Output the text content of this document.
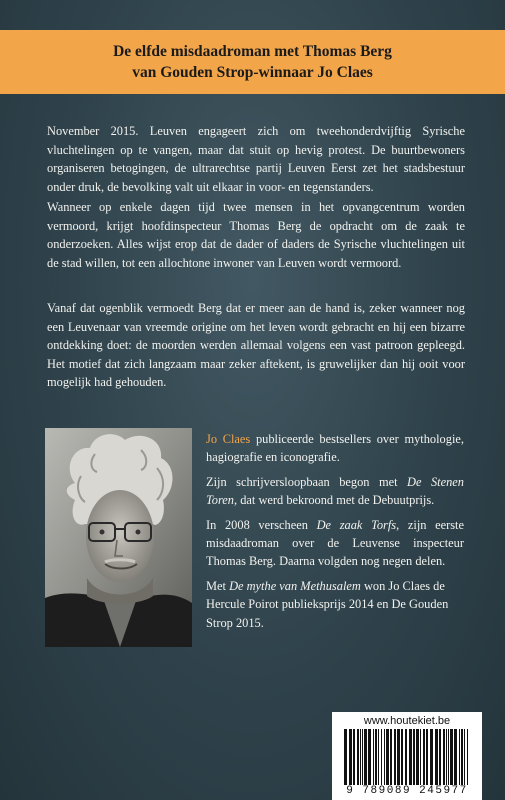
De elfde misdaadroman met Thomas Berg
van Gouden Strop-winnaar Jo Claes

November 2015. Leuven engageert zich om tweehonderdvijftig Syrische vluchtelingen op te vangen, maar dat stuit op hevig protest. De buurtbewoners organiseren betogingen, de ultrarechtse partij Leuven Eerst zet het stadsbestuur onder druk, de bevolking valt uit elkaar in voor- en tegenstanders.

Wanneer op enkele dagen tijd twee mensen in het opvangcentrum worden vermoord, krijgt hoofdinspecteur Thomas Berg de opdracht om de zaak te onderzoeken. Alles wijst erop dat de dader of daders de Syrische vluchtelingen uit de stad willen, tot een allochtone inwoner van Leuven wordt vermoord.

Vanaf dat ogenblik vermoedt Berg dat er meer aan de hand is, zeker wanneer nog een Leuvenaar van vreemde origine om het leven wordt gebracht en hij een bizarre ontdekking doet: de moorden werden allemaal volgens een vast patroon gepleegd. Het motief dat zich langzaam maar zeker aftekent, is gruwelijker dan hij ooit voor mogelijk had gehouden.

Jo Claes publiceerde bestsellers over mythologie, hagiografie en iconografie.

Zijn schrijversloopbaan begon met De Stenen Toren, dat werd bekroond met de Debuutprijs.

In 2008 verscheen De zaak Torfs, zijn eerste misdaadroman over de Leuvense inspecteur Thomas Berg. Daarna volgden nog negen delen.

Met De mythe van Methusalem won Jo Claes de Hercule Poirot publieksprijs 2014 en De Gouden Strop 2015.

www.houtekiet.be
9 789089 245977
